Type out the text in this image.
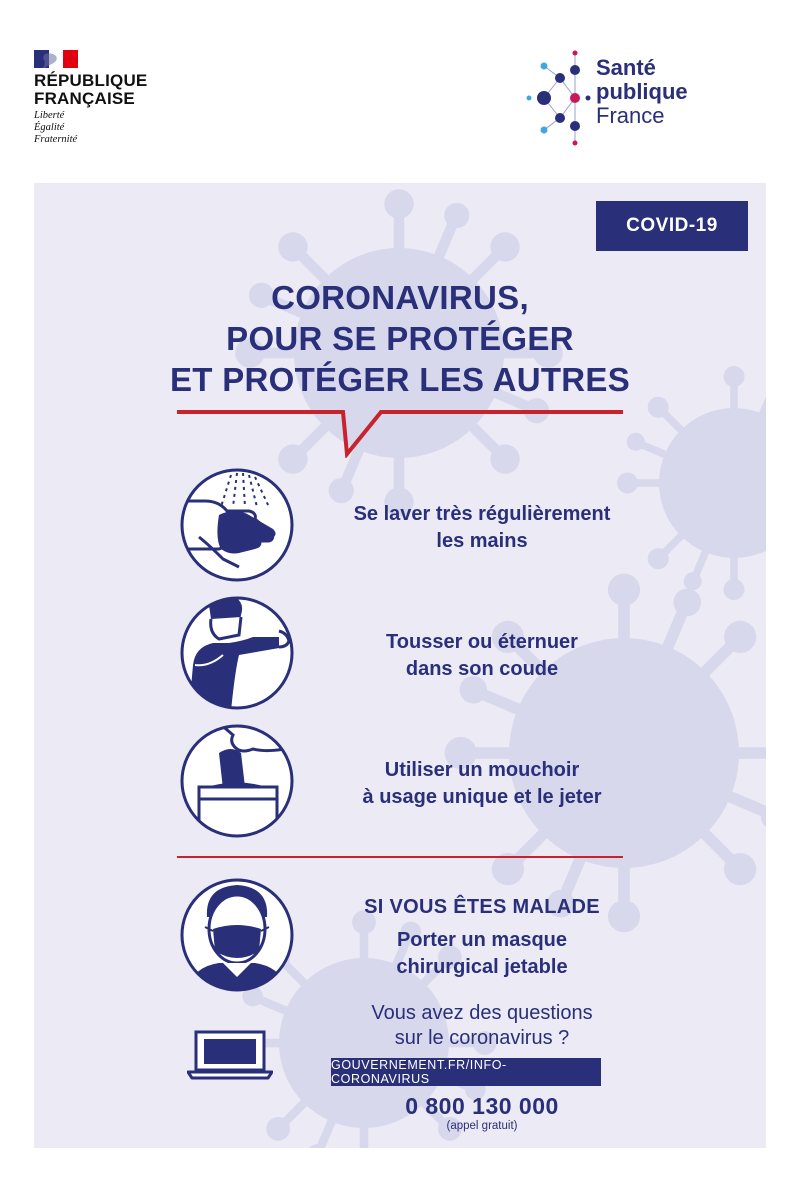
RÉPUBLIQUE
FRANÇAISE
Liberté
Égalité
Fraternité
Santé
publique
France
COVID-19
CORONAVIRUS,
POUR SE PROTÉGER
ET PROTÉGER LES AUTRES
Se laver très régulièrement
les mains
Tousser ou éternuer
dans son coude
Utiliser un mouchoir
à usage unique et le jeter
SI VOUS ÊTES MALADE
Porter un masque
chirurgical jetable
Vous avez des questions
sur le coronavirus ?
GOUVERNEMENT.FR/INFO-CORONAVIRUS
0 800 130 000
(appel gratuit)
